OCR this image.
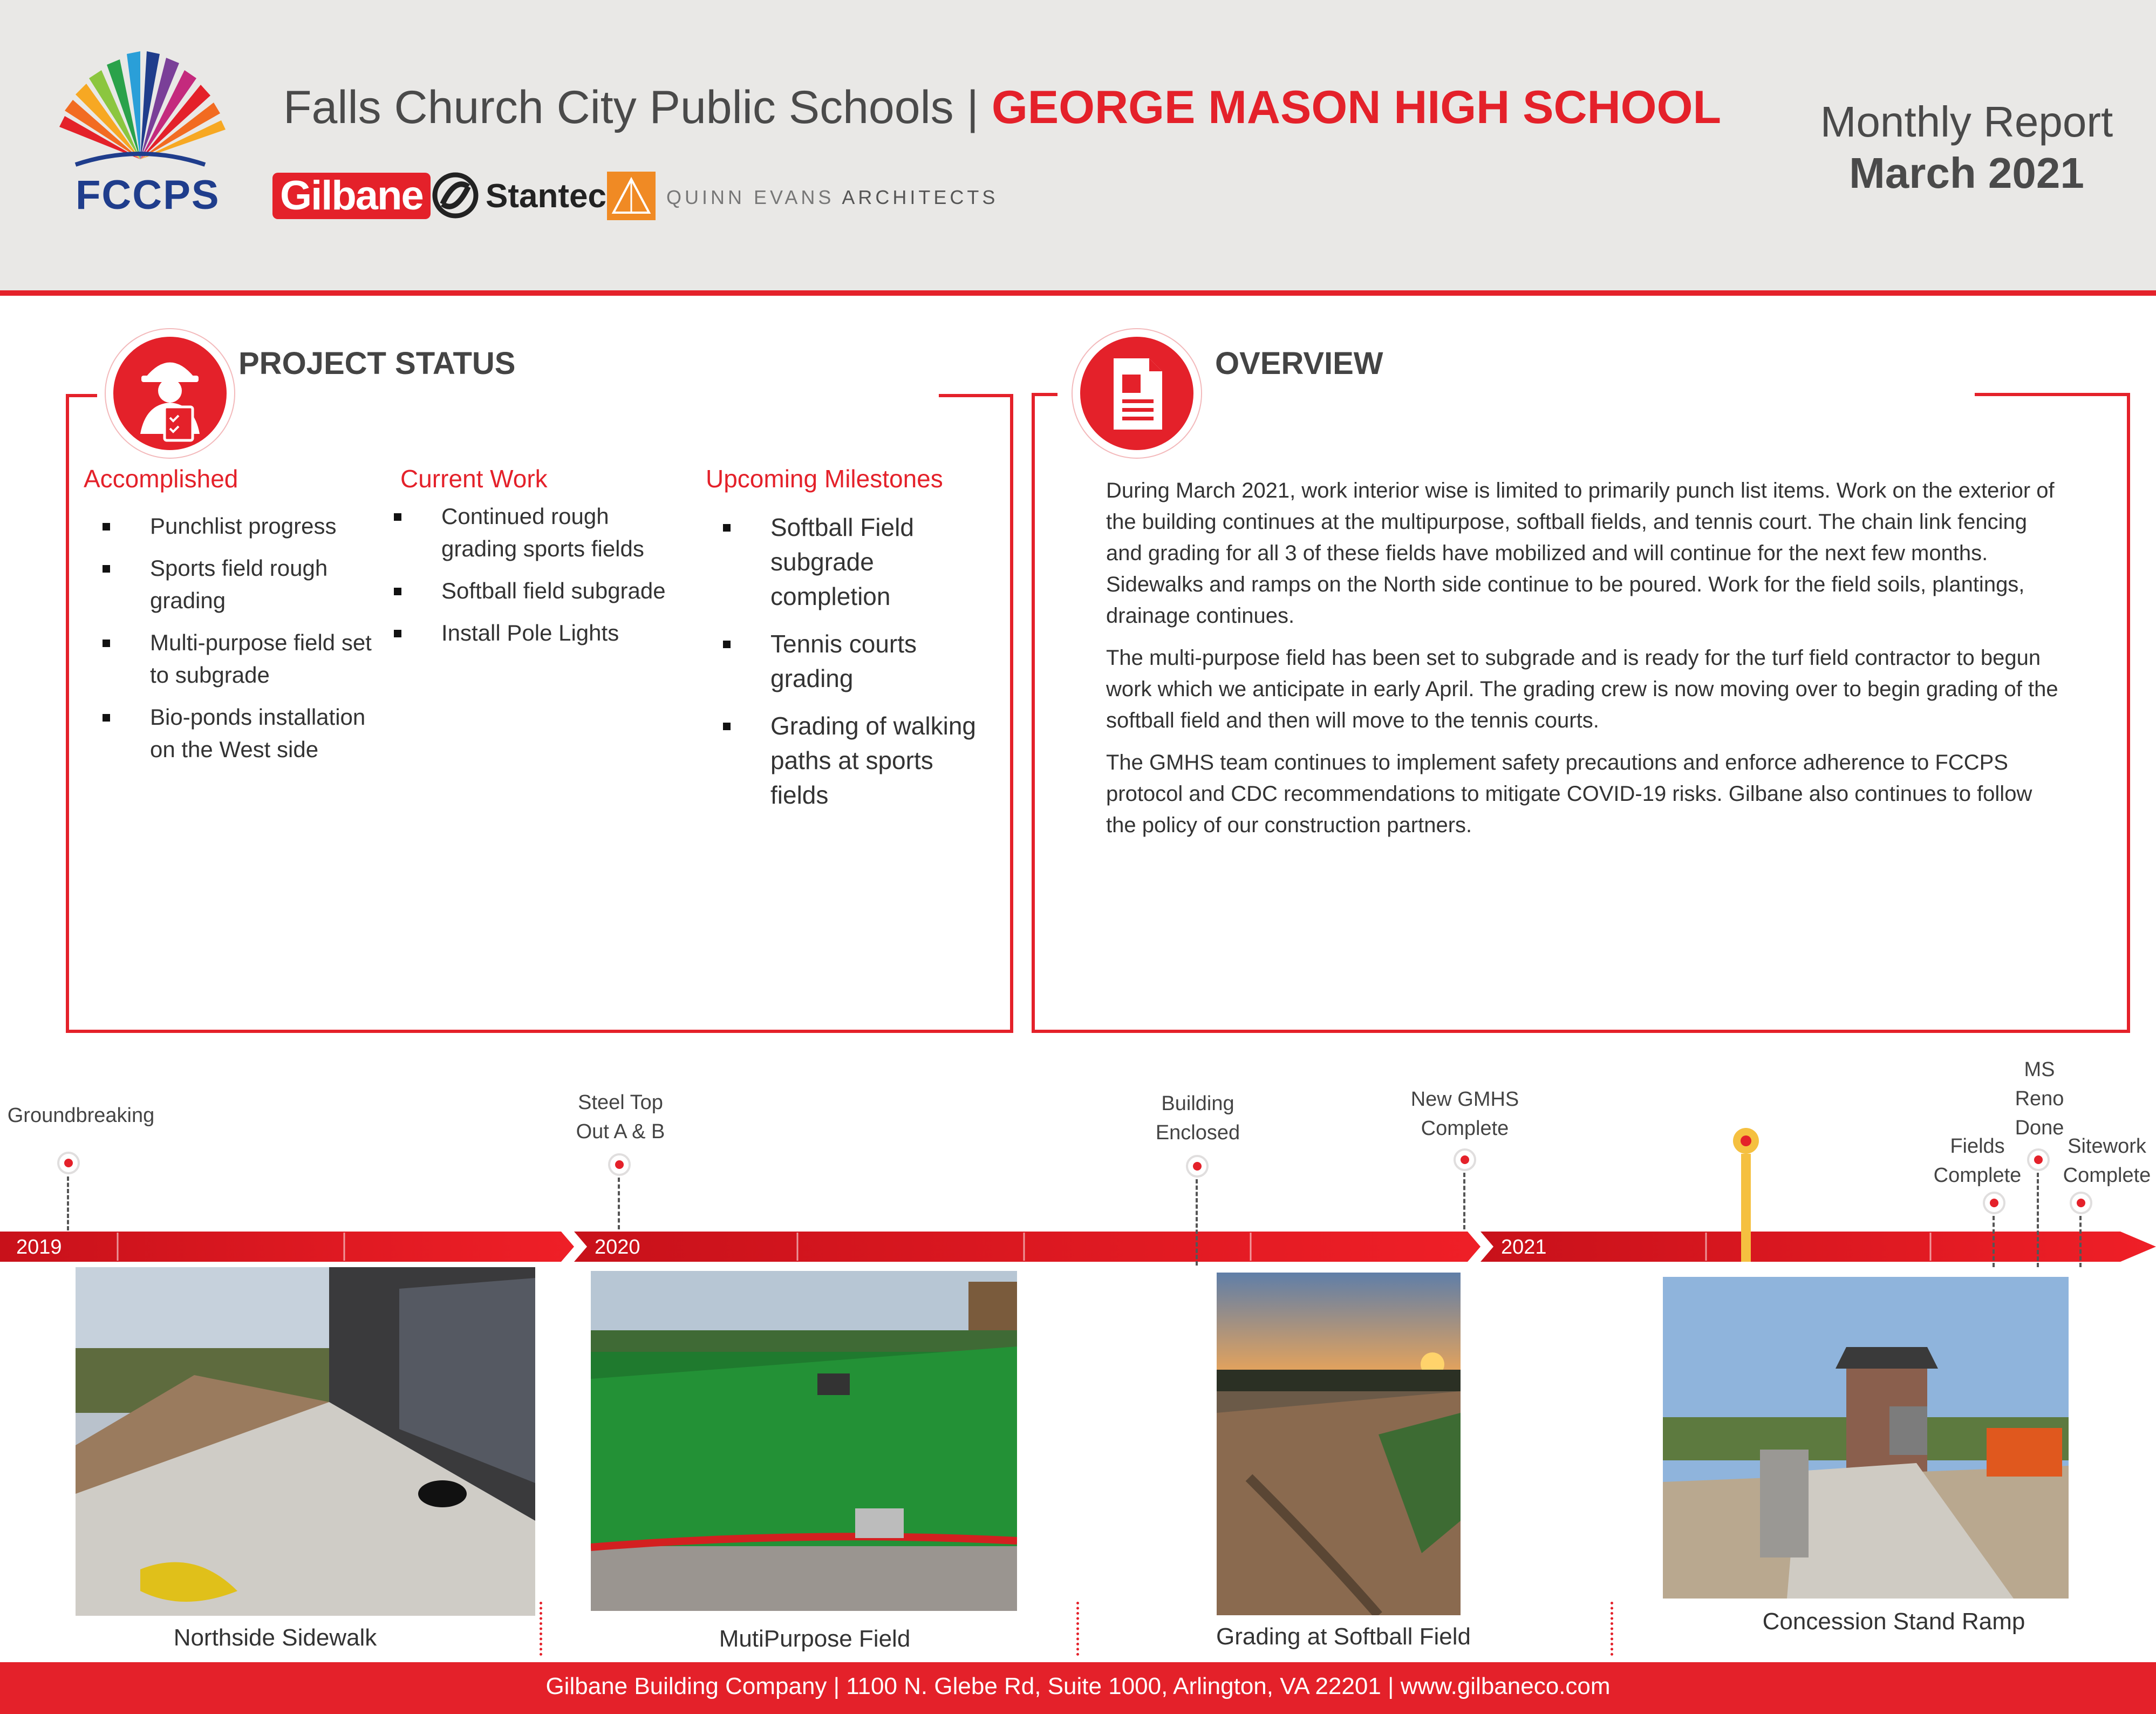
FCCPS
Falls Church City Public Schools | GEORGE MASON HIGH SCHOOL
Gilbane Stantec	QUINN EVANS ARCHITECTS
Monthly Report
March 2021
PROJECT STATUS
Accomplished
Punchlist progress
Sports field rough grading
Multi-purpose field set to subgrade
Bio-ponds installation on the West side
Current Work
Continued rough grading sports fields
Softball field subgrade
Install Pole Lights
Upcoming Milestones
Softball Field subgrade completion
Tennis courts grading
Grading of walking paths at sports fields
OVERVIEW

During March 2021, work interior wise is limited to primarily punch list items. Work on the exterior of the building continues at the multipurpose, softball fields, and tennis court. The chain link fencing and grading for all 3 of these fields have mobilized and will continue for the next few months. Sidewalks and ramps on the North side continue to be poured. Work for the field soils, plantings, drainage continues.

The multi-purpose field has been set to subgrade and is ready for the turf field contractor to begun work which we anticipate in early April. The grading crew is now moving over to begin grading of the softball field and then will move to the tennis courts.

The GMHS team continues to implement safety precautions and enforce adherence to FCCPS protocol and CDC recommendations to mitigate COVID-19 risks. Gilbane also continues to follow the policy of our construction partners.

2019	2020	2021
Groundbreaking
Steel Top
Out A & B
Building
Enclosed
New GMHS
Complete
Fields
Complete
MS
Reno
Done
Sitework
Complete
Northside Sidewalk	MutiPurpose Field	Grading at Softball Field
Concession Stand Ramp
Gilbane Building Company | 1100 N. Glebe Rd, Suite 1000, Arlington, VA 22201 | www.gilbaneco.com
